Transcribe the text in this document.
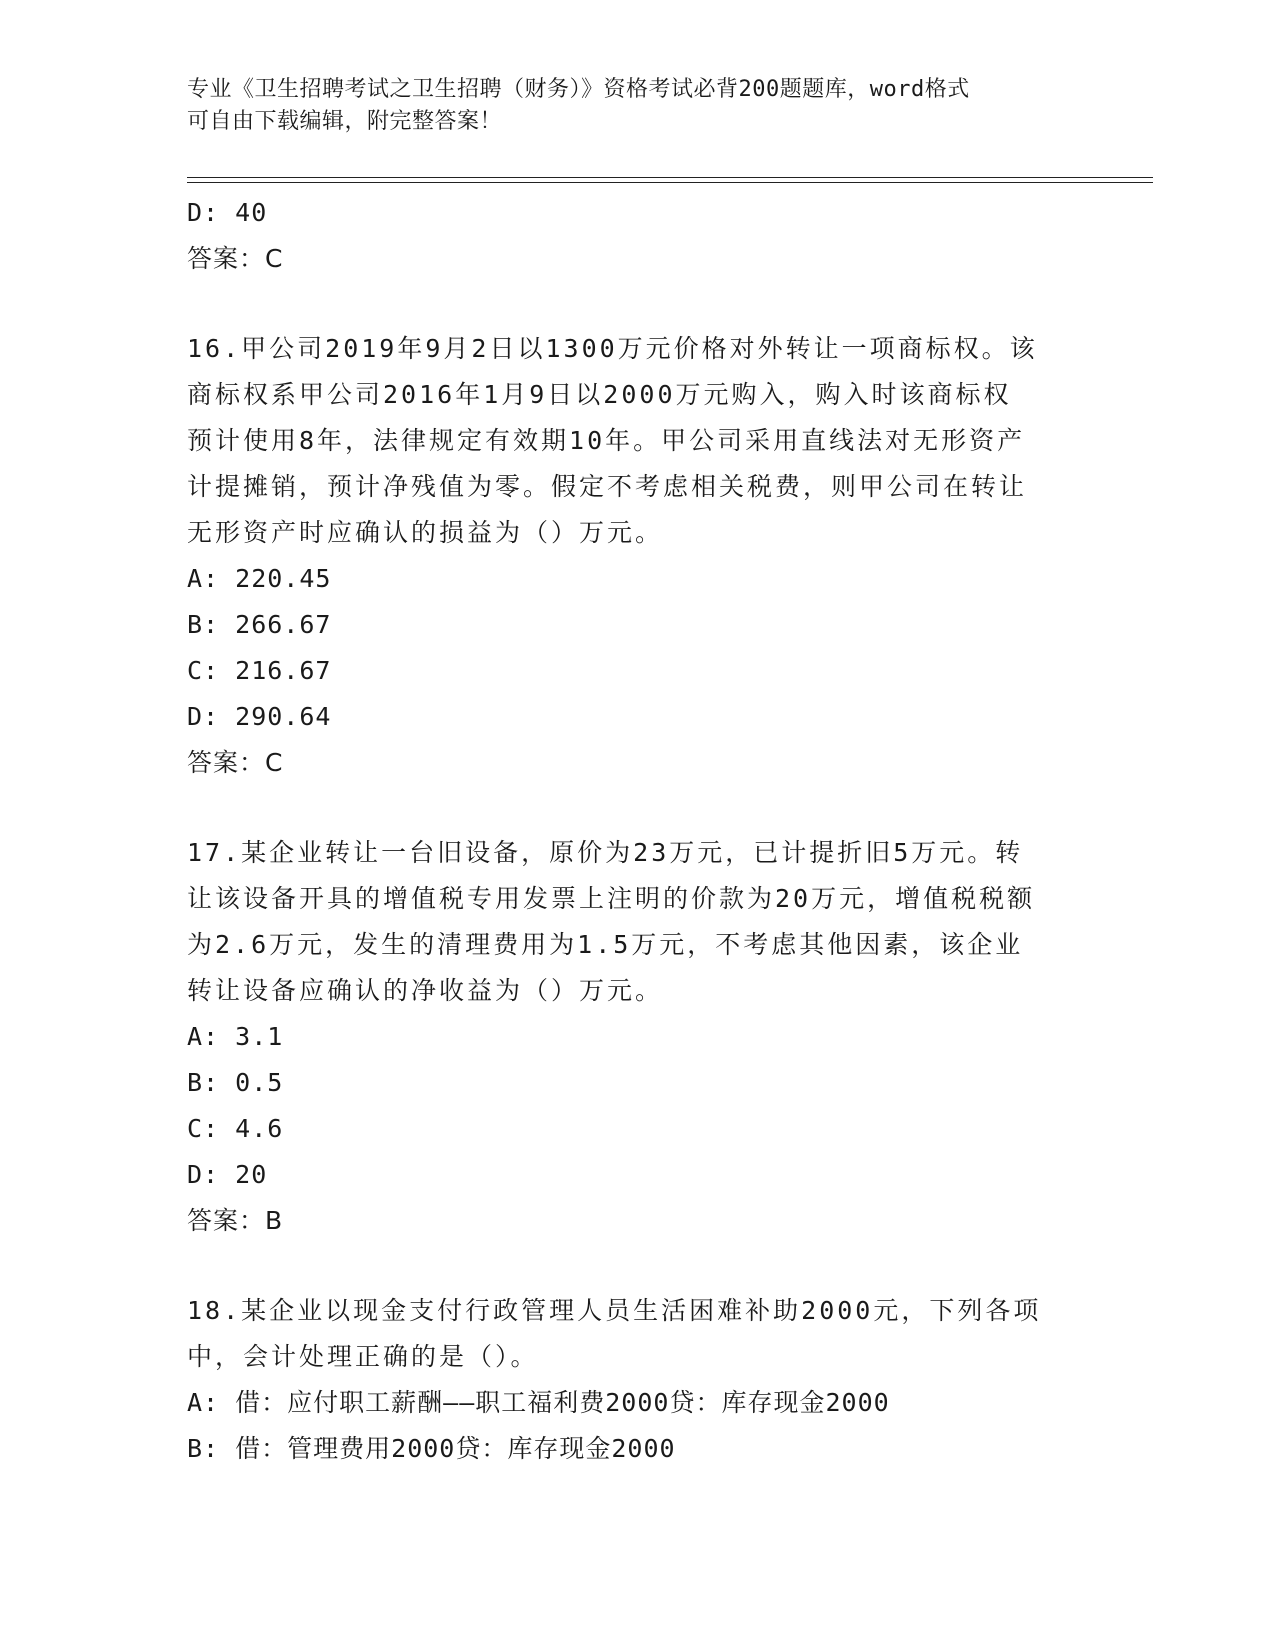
专业《卫生招聘考试之卫生招聘（财务）》资格考试必背200题题库，word格式
可自由下载编辑，附完整答案！
D: 40
答案：C
16.甲公司2019年9月2日以1300万元价格对外转让一项商标权。该
商标权系甲公司2016年1月9日以2000万元购入，购入时该商标权
预计使用8年，法律规定有效期10年。甲公司采用直线法对无形资产
计提摊销，预计净残值为零。假定不考虑相关税费，则甲公司在转让
无形资产时应确认的损益为（）万元。
A: 220.45
B: 266.67
C: 216.67
D: 290.64
答案：C
17.某企业转让一台旧设备，原价为23万元，已计提折旧5万元。转
让该设备开具的增值税专用发票上注明的价款为20万元，增值税税额
为2.6万元，发生的清理费用为1.5万元，不考虑其他因素，该企业
转让设备应确认的净收益为（）万元。
A: 3.1
B: 0.5
C: 4.6
D: 20
答案：B
18.某企业以现金支付行政管理人员生活困难补助2000元，下列各项
中，会计处理正确的是（）。
A: 借：应付职工薪酬——职工福利费2000贷：库存现金2000
B: 借：管理费用2000贷：库存现金2000
